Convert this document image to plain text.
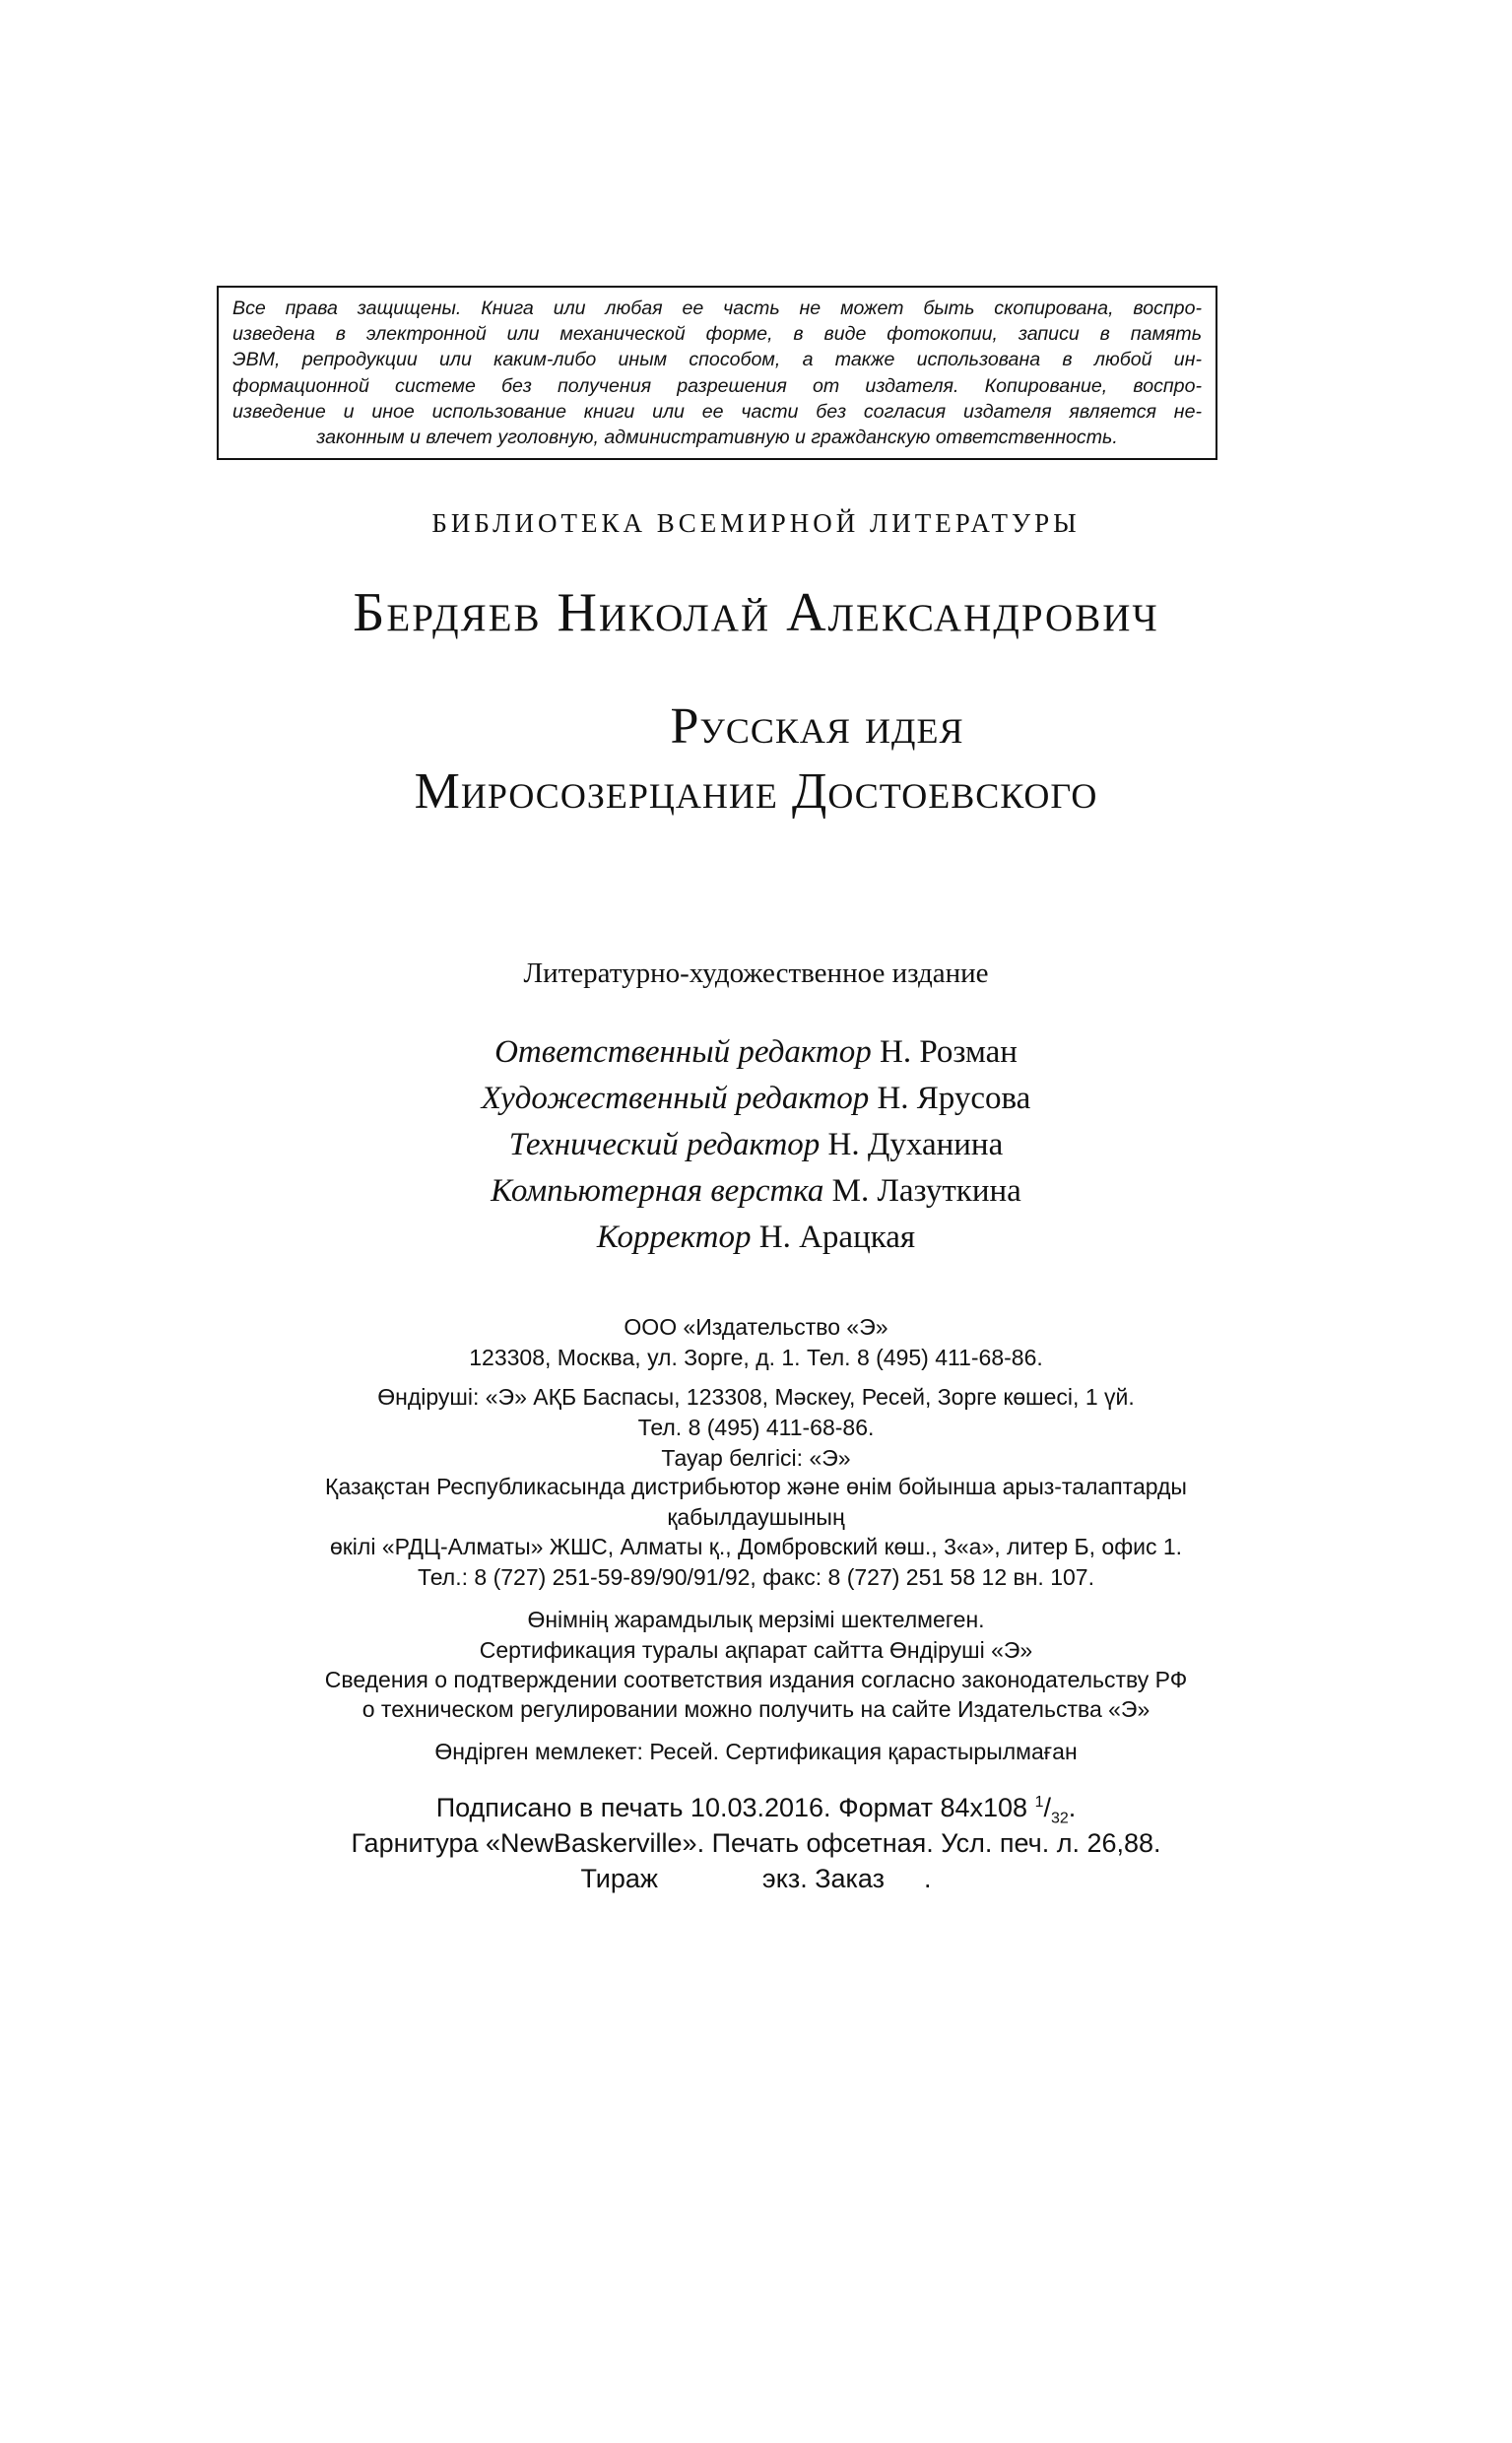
Все права защищены. Книга или любая ее часть не может быть скопирована, воспро-
изведена в электронной или механической форме, в виде фотокопии, записи в память
ЭВМ, репродукции или каким-либо иным способом, а также использована в любой ин-
формационной системе без получения разрешения от издателя. Копирование, воспро-
изведение и иное использование книги или ее части без согласия издателя является не-
законным и влечет уголовную, административную и гражданскую ответственность.
БИБЛИОТЕКА ВСЕМИРНОЙ ЛИТЕРАТУРЫ
Бердяев Николай Александрович
Русская идея
Миросозерцание Достоевского
Литературно-художественное издание
Ответственный редактор Н. Розман
Художественный редактор Н. Ярусова
Технический редактор Н. Духанина
Компьютерная верстка М. Лазуткина
Корректор Н. Арацкая
ООО «Издательство «Э»
123308, Москва, ул. Зорге, д. 1. Тел. 8 (495) 411-68-86.
Өндіруші: «Э» АҚБ Баспасы, 123308, Мәскеу, Ресей, Зорге көшесі, 1 үй.
Тел. 8 (495) 411-68-86.
Тауар белгісі: «Э»
Қазақстан Республикасында дистрибьютор және өнім бойынша арыз-талаптарды
қабылдаушының
өкілі «РДЦ-Алматы» ЖШС, Алматы қ., Домбровский көш., 3«а», литер Б, офис 1.
Тел.: 8 (727) 251-59-89/90/91/92, факс: 8 (727) 251 58 12 вн. 107.
Өнімнің жарамдылық мерзімі шектелмеген.
Сертификация туралы ақпарат сайтта Өндіруші «Э»
Сведения о подтверждении соответствия издания согласно законодательству РФ
о техническом регулировании можно получить на сайте Издательства «Э»
Өндірген мемлекет: Ресей. Сертификация қарастырылмаған
Подписано в печать 10.03.2016. Формат 84х108 $^1/_{32}$.
Гарнитура «NewBaskerville». Печать офсетная. Усл. печ. л. 26,88.
Тираж	экз. Заказ .
